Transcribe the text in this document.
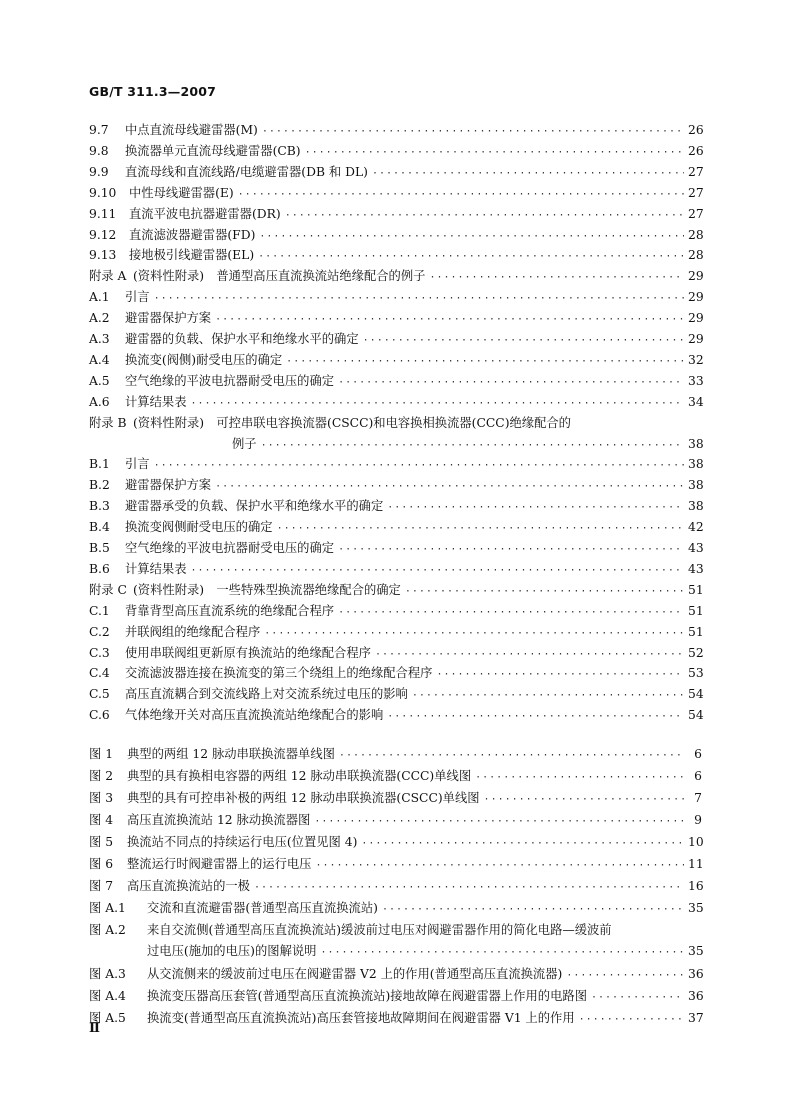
GB/T 311.3—2007
9.7	中点直流母线避雷器(M) ·····	26
9.8	换流器单元直流母线避雷器(CB) ·····	26
9.9	直流母线和直流线路/电缆避雷器(DB 和 DL) ·····	27
9.10	中性母线避雷器(E) ·····	27
9.11	直流平波电抗器避雷器(DR) ·····	27
9.12	直流滤波器避雷器(FD) ·····	28
9.13	接地极引线避雷器(EL) ·····	28
附录 A (资料性附录)　普通型高压直流换流站绝缘配合的例子 ·····	29
A.1	引言 ·····	29
A.2	避雷器保护方案 ·····	29
A.3	避雷器的负载、保护水平和绝缘水平的确定 ·····	29
A.4	换流变(阀侧)耐受电压的确定 ·····	32
A.5	空气绝缘的平波电抗器耐受电压的确定 ·····	33
A.6	计算结果表 ·····	34
附录 B (资料性附录)　可控串联电容换流器(CSCC)和电容换相换流器(CCC)绝缘配合的
例子 ·····	38
B.1	引言 ·····	38
B.2	避雷器保护方案 ·····	38
B.3	避雷器承受的负载、保护水平和绝缘水平的确定 ·····	38
B.4	换流变阀侧耐受电压的确定 ·····	42
B.5	空气绝缘的平波电抗器耐受电压的确定 ·····	43
B.6	计算结果表 ·····	43
附录 C (资料性附录)　一些特殊型换流器绝缘配合的确定 ·····	51
C.1	背靠背型高压直流系统的绝缘配合程序 ·····	51
C.2	并联阀组的绝缘配合程序 ·····	51
C.3	使用串联阀组更新原有换流站的绝缘配合程序 ·····	52
C.4	交流滤波器连接在换流变的第三个绕组上的绝缘配合程序 ·····	53
C.5	高压直流耦合到交流线路上对交流系统过电压的影响 ·····	54
C.6	气体绝缘开关对高压直流换流站绝缘配合的影响 ·····	54
图 1	典型的两组 12 脉动串联换流器单线图 ·····	6
图 2	典型的具有换相电容器的两组 12 脉动串联换流器(CCC)单线图 ·····	6
图 3	典型的具有可控串补极的两组 12 脉动串联换流器(CSCC)单线图 ·····	7
图 4	高压直流换流站 12 脉动换流器图 ·····	9
图 5	换流站不同点的持续运行电压(位置见图 4) ·····	10
图 6	整流运行时阀避雷器上的运行电压 ·····	11
图 7	高压直流换流站的一极 ·····	16
图 A.1	交流和直流避雷器(普通型高压直流换流站) ·····	35
图 A.2	来自交流侧(普通型高压直流换流站)缓波前过电压对阀避雷器作用的简化电路—缓波前
过电压(施加的电压)的图解说明 ·····	35
图 A.3	从交流侧来的缓波前过电压在阀避雷器 V2 上的作用(普通型高压直流换流器) ·····	36
图 A.4	换流变压器高压套管(普通型高压直流换流站)接地故障在阀避雷器上作用的电路图 ·····	36
图 A.5	换流变(普通型高压直流换流站)高压套管接地故障期间在阀避雷器 V1 上的作用 ·····	37
Ⅱ
